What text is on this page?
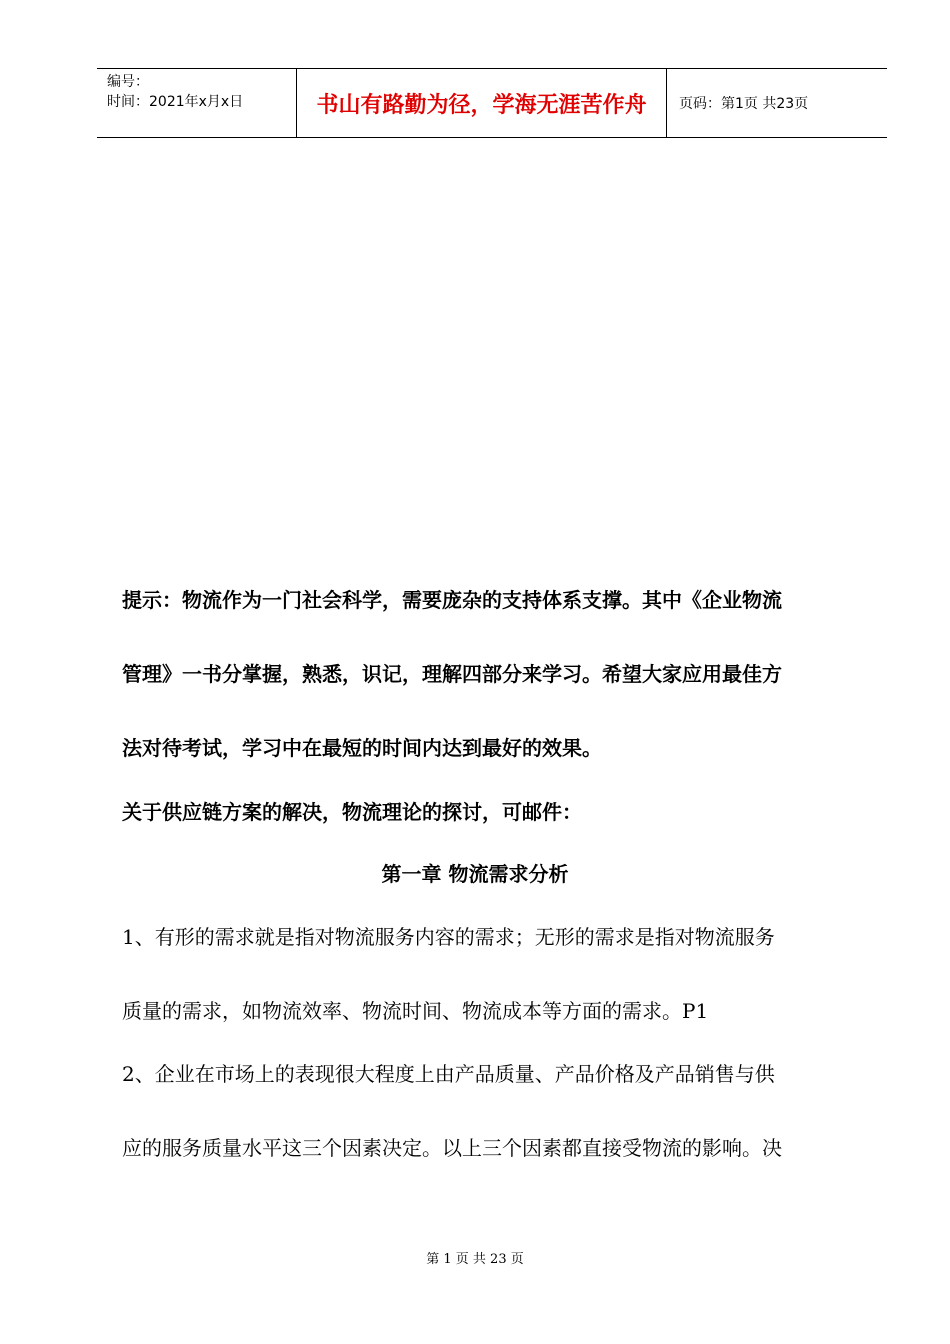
编号：
时间：2021年x月x日	书山有路勤为径，学海无涯苦作舟	页码：第1页 共23页

提示：物流作为一门社会科学，需要庞杂的支持体系支撑。其中《企业物流

管理》一书分掌握，熟悉，识记，理解四部分来学习。希望大家应用最佳方

法对待考试，学习中在最短的时间内达到最好的效果。

关于供应链方案的解决，物流理论的探讨，可邮件：

第一章 物流需求分析

1、有形的需求就是指对物流服务内容的需求；无形的需求是指对物流服务

质量的需求，如物流效率、物流时间、物流成本等方面的需求。P1

2、企业在市场上的表现很大程度上由产品质量、产品价格及产品销售与供

应的服务质量水平这三个因素决定。以上三个因素都直接受物流的影响。决

第 1 页 共 23 页
